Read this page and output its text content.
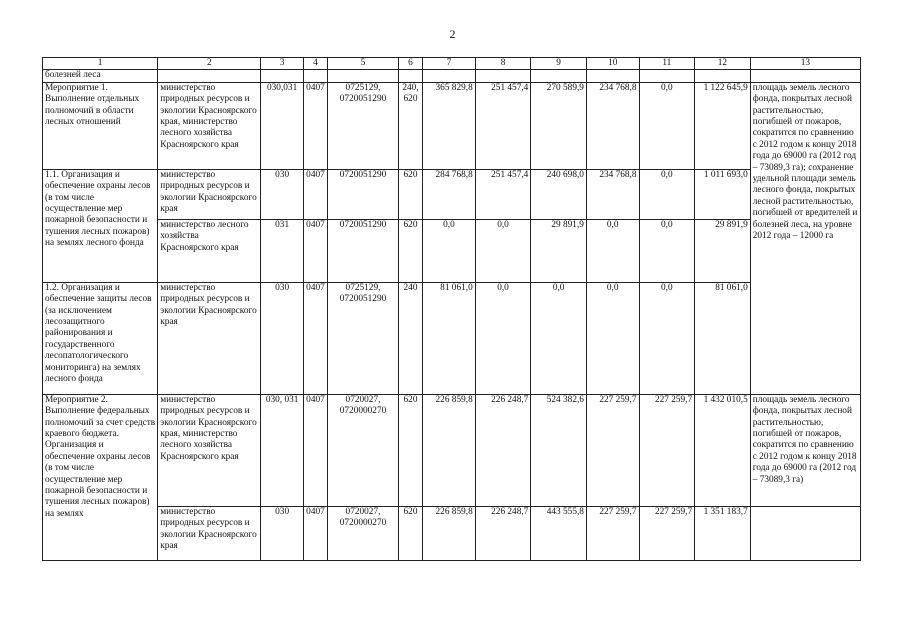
2
1	2	3	4	5	6	7	8	9	10	11	12	13
болезней леса												
Мероприятие 1. Выполнение отдельных полномочий в области лесных отношений	министерство природных ресурсов и экологии Красноярского края, министерство лесного хозяйства Красноярского края	030,031	0407	0725129, 0720051290	240, 620	365 829,8	251 457,4	270 589,9	234 768,8	0,0	1 122 645,9	площадь земель лесного фонда, покрытых лесной растительностью, погибшей от пожаров, сократится по сравнению с 2012 годом к концу 2018 года до 69000 га (2012 год – 73089,3 га); сохранение удельной площади земель лесного фонда, покрытых лесной растительностью, погибшей от вредителей и болезней леса, на уровне 2012 года – 12000 га
1.1. Организация и обеспечение охраны лесов (в том числе осуществление мер пожарной безопасности и тушения лесных пожаров) на землях лесного фонда	министерство природных ресурсов и экологии Красноярского края	030	0407	0720051290	620	284 768,8	251 457,4	240 698,0	234 768,8	0,0	1 011 693,0	
	министерство лесного хозяйства Красноярского края	031	0407	0720051290	620	0,0	0,0	29 891,9	0,0	0,0	29 891,9	
1.2. Организация и обеспечение защиты лесов (за исключением лесозащитного районирования и государственного лесопатологического мониторинга) на землях лесного фонда	министерство природных ресурсов и экологии Красноярского края	030	0407	0725129, 0720051290	240	81 061,0	0,0	0,0	0,0	0,0	81 061,0	
Мероприятие 2. Выполнение федеральных полномочий за счет средств краевого бюджета. Организация и обеспечение охраны лесов (в том числе осуществление мер пожарной безопасности и тушения лесных пожаров) на землях	министерство природных ресурсов и экологии Красноярского края, министерство лесного хозяйства Красноярского края	030, 031	0407	0720027, 0720000270	620	226 859,8	226 248,7	524 382,6	227 259,7	227 259,7	1 432 010,5	площадь земель лесного фонда, покрытых лесной растительностью, погибшей от пожаров, сократится по сравнению с 2012 годом к концу 2018 года до 69000 га (2012 год – 73089,3 га)
	министерство природных ресурсов и экологии Красноярского края	030	0407	0720027, 0720000270	620	226 859,8	226 248,7	443 555,8	227 259,7	227 259,7	1 351 183,7	
